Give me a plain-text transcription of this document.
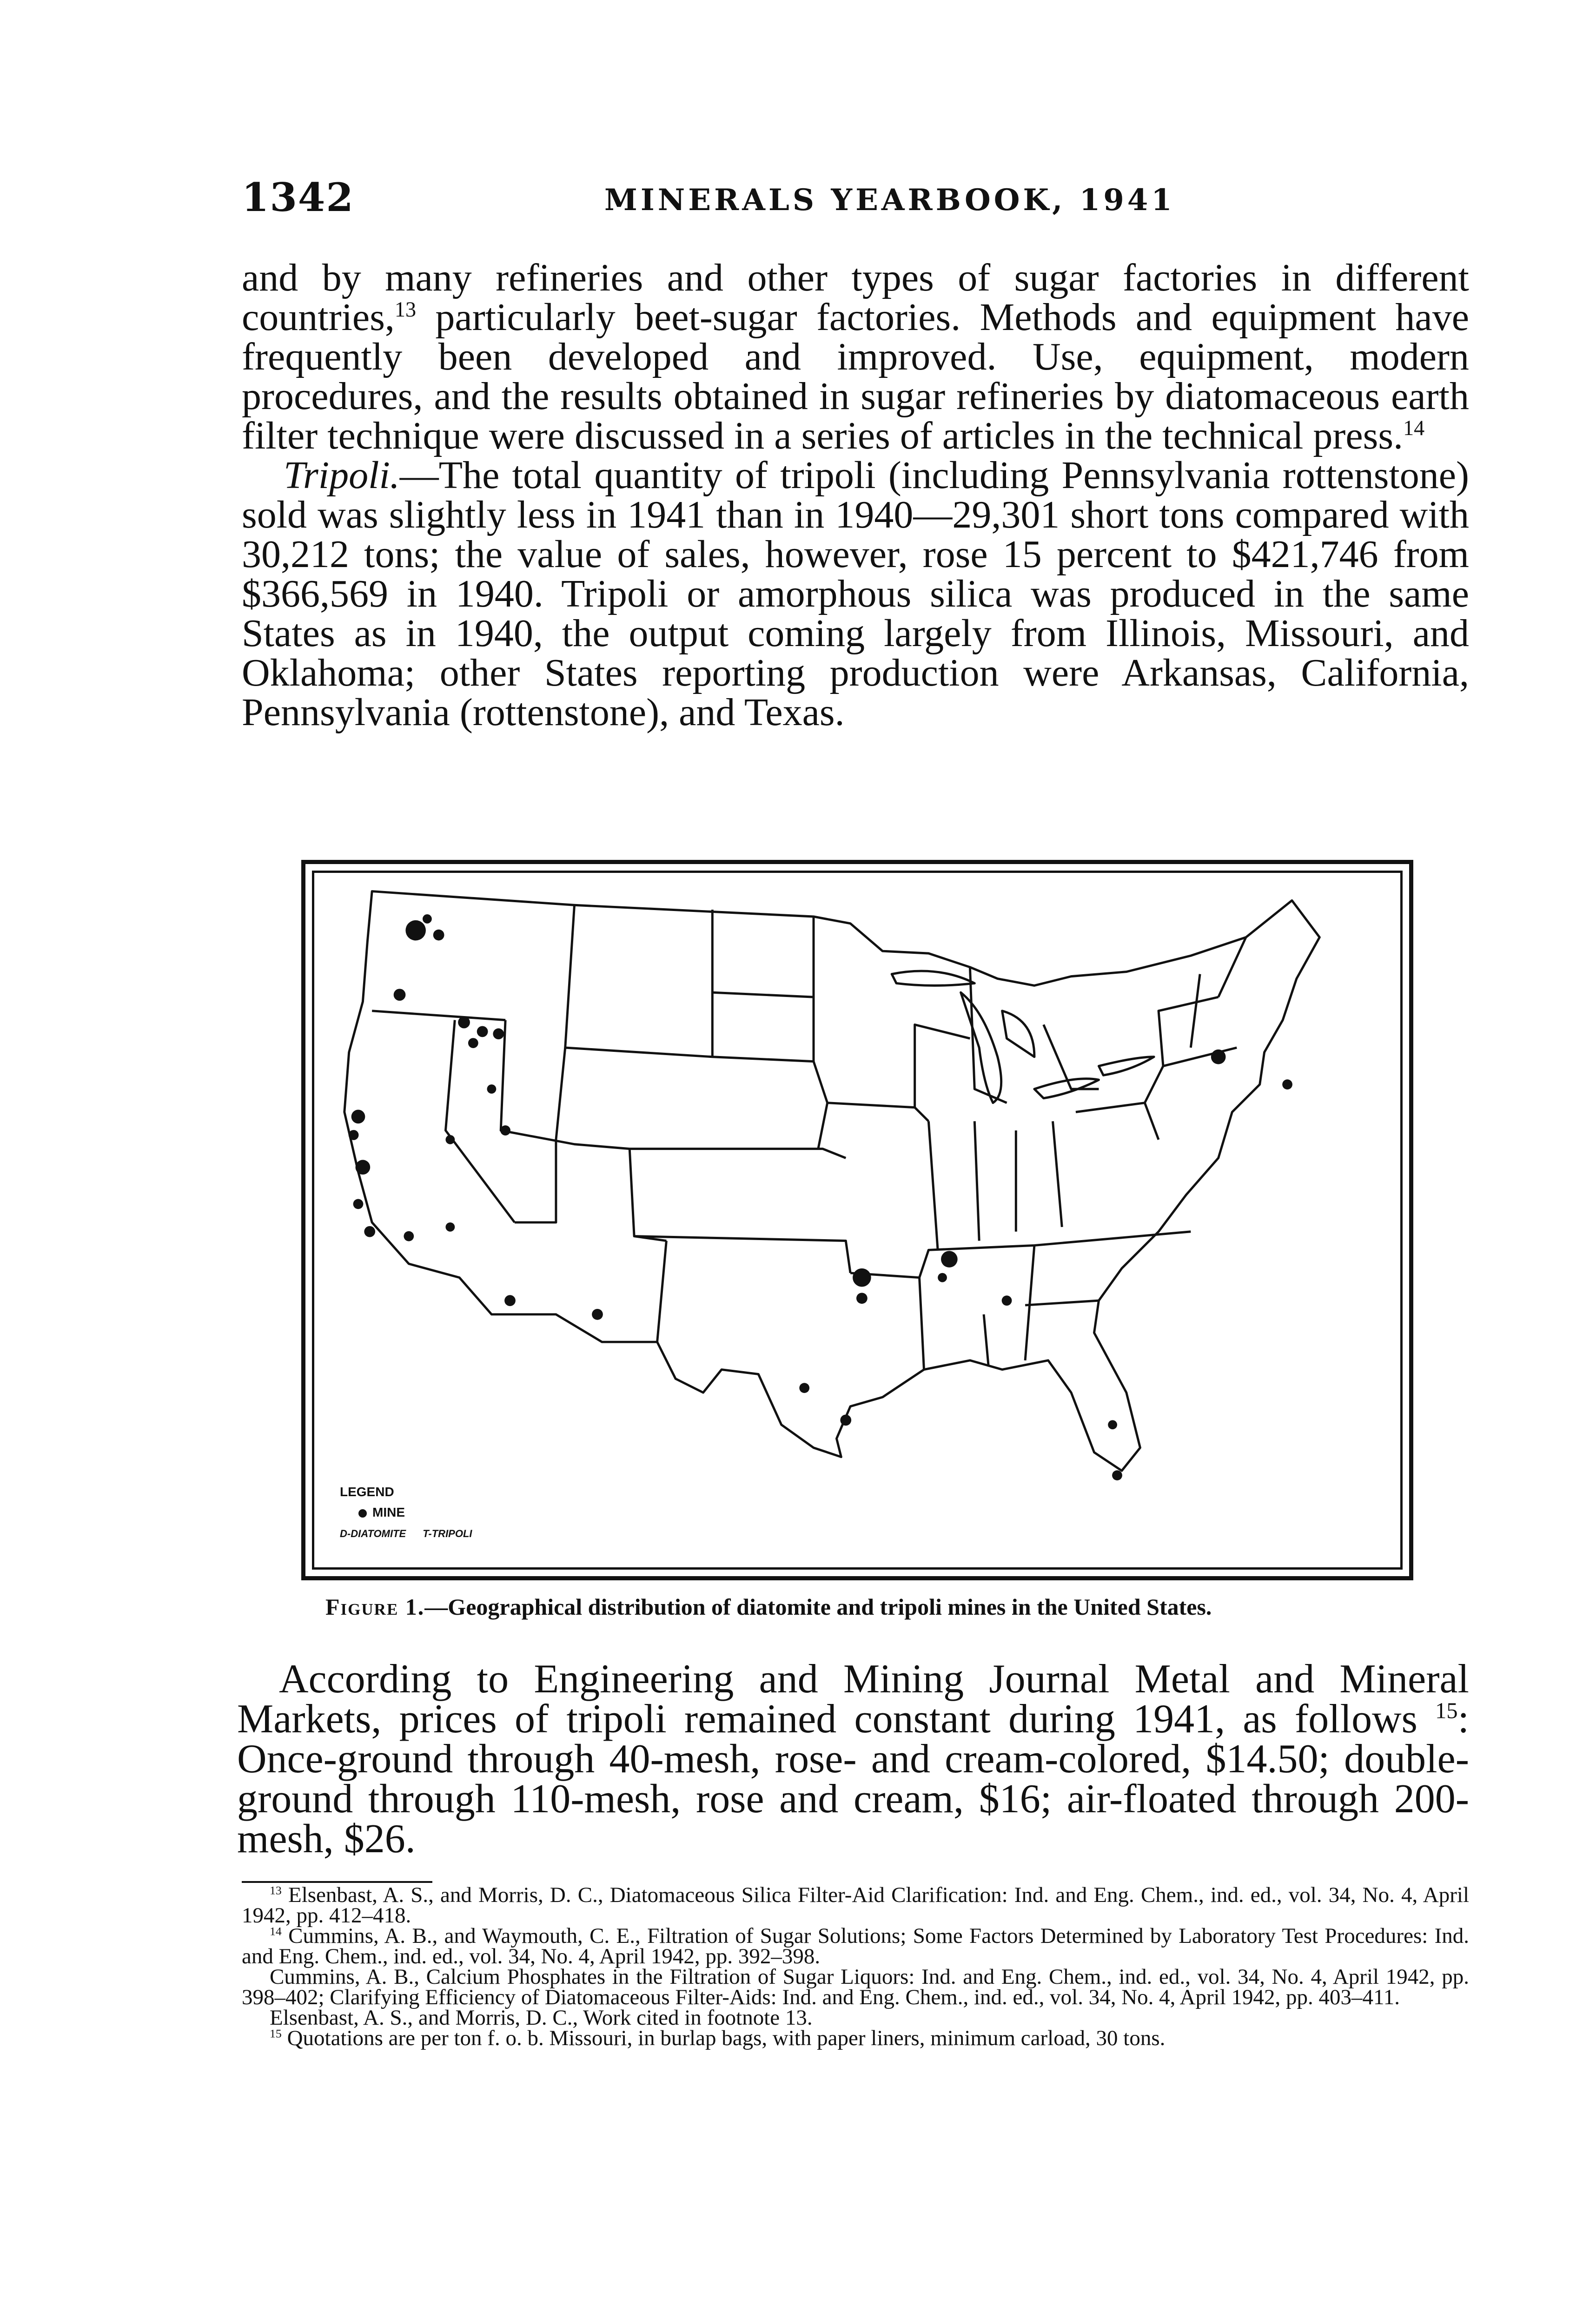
1342	MINERALS YEARBOOK, 1941

and by many refineries and other types of sugar factories in different countries,$^{13}$ particularly beet-sugar factories. Methods and equipment have frequently been developed and improved. Use, equipment, modern procedures, and the results obtained in sugar refineries by diatomaceous earth filter technique were discussed in a series of articles in the technical press.$^{14}$

Tripoli.—The total quantity of tripoli (including Pennsylvania rottenstone) sold was slightly less in 1941 than in 1940—29,301 short tons compared with 30,212 tons; the value of sales, however, rose 15 percent to $421,746 from $366,569 in 1940. Tripoli or amorphous silica was produced in the same States as in 1940, the output coming largely from Illinois, Missouri, and Oklahoma; other States reporting production were Arkansas, California, Pennsylvania (rottenstone), and Texas.

LEGEND
MINE
D-DIATOMITE T-TRIPOLI
Figure 1.—Geographical distribution of diatomite and tripoli mines in the United States.

According to Engineering and Mining Journal Metal and Mineral Markets, prices of tripoli remained constant during 1941, as follows $^{15}$: Once-ground through 40-mesh, rose- and cream-colored, $14.50; double-ground through 110-mesh, rose and cream, $16; air-floated through 200-mesh, $26.

$^{13}$ Elsenbast, A. S., and Morris, D. C., Diatomaceous Silica Filter-Aid Clarification: Ind. and Eng. Chem., ind. ed., vol. 34, No. 4, April 1942, pp. 412–418.

$^{14}$ Cummins, A. B., and Waymouth, C. E., Filtration of Sugar Solutions; Some Factors Determined by Laboratory Test Procedures: Ind. and Eng. Chem., ind. ed., vol. 34, No. 4, April 1942, pp. 392–398.

Cummins, A. B., Calcium Phosphates in the Filtration of Sugar Liquors: Ind. and Eng. Chem., ind. ed., vol. 34, No. 4, April 1942, pp. 398–402; Clarifying Efficiency of Diatomaceous Filter-Aids: Ind. and Eng. Chem., ind. ed., vol. 34, No. 4, April 1942, pp. 403–411.

Elsenbast, A. S., and Morris, D. C., Work cited in footnote 13.

$^{15}$ Quotations are per ton f. o. b. Missouri, in burlap bags, with paper liners, minimum carload, 30 tons.
